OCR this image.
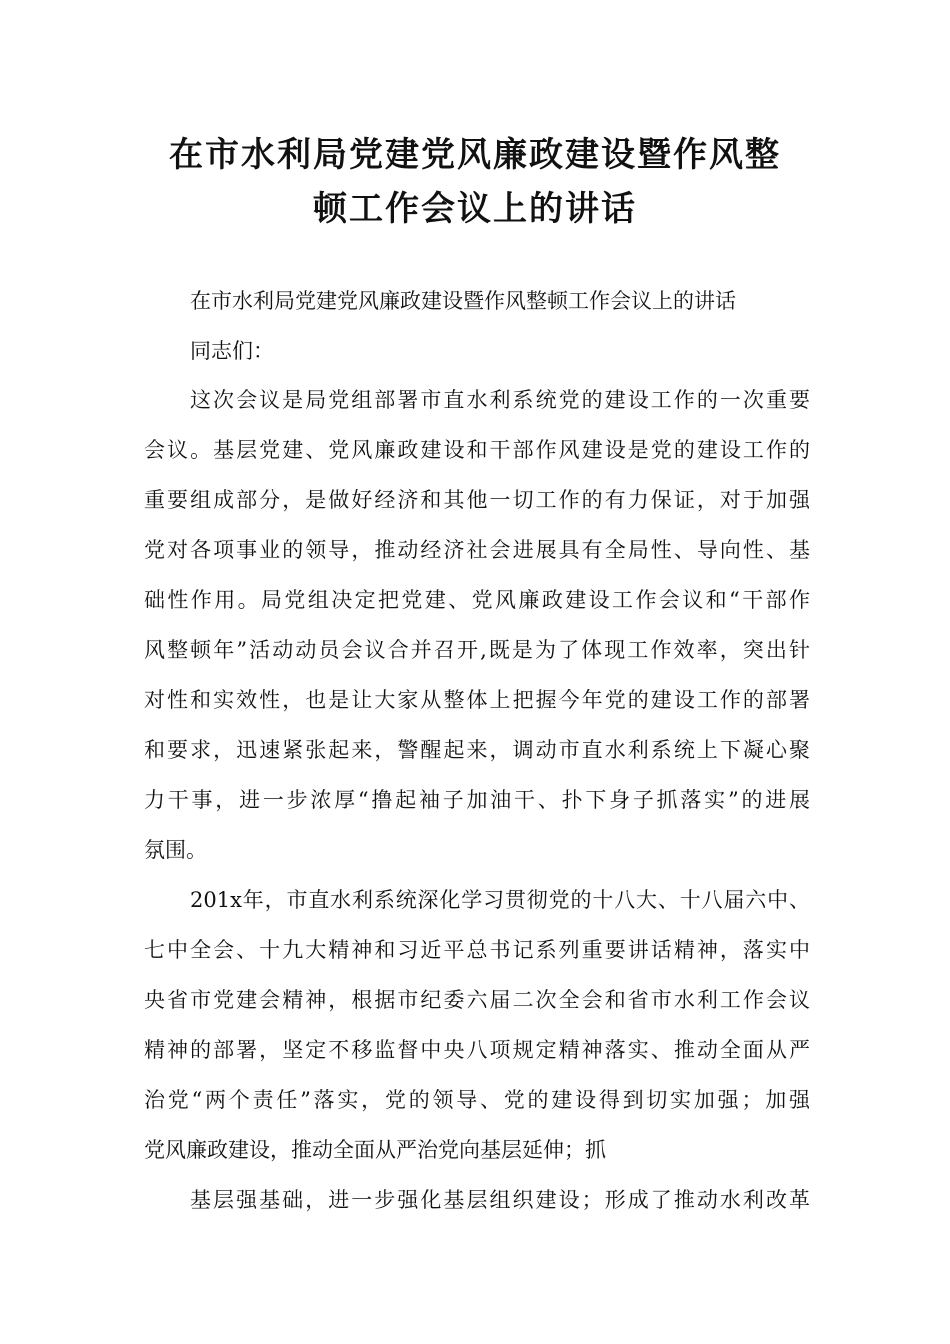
在市水利局党建党风廉政建设暨作风整
顿工作会议上的讲话
在市水利局党建党风廉政建设暨作风整顿工作会议上的讲话
同志们：
这次会议是局党组部署市直水利系统党的建设工作的一次重要
会议。基层党建、党风廉政建设和干部作风建设是党的建设工作的
重要组成部分，是做好经济和其他一切工作的有力保证，对于加强
党对各项事业的领导，推动经济社会进展具有全局性、导向性、基
础性作用。局党组决定把党建、党风廉政建设工作会议和“干部作
风整顿年”活动动员会议合并召开,既是为了体现工作效率，突出针
对性和实效性，也是让大家从整体上把握今年党的建设工作的部署
和要求，迅速紧张起来，警醒起来，调动市直水利系统上下凝心聚
力干事，进一步浓厚“撸起袖子加油干、扑下身子抓落实”的进展
氛围。
201x年，市直水利系统深化学习贯彻党的十八大、十八届六中、
七中全会、十九大精神和习近平总书记系列重要讲话精神，落实中
央省市党建会精神，根据市纪委六届二次全会和省市水利工作会议
精神的部署，坚定不移监督中央八项规定精神落实、推动全面从严
治党“两个责任”落实，党的领导、党的建设得到切实加强；加强
党风廉政建设，推动全面从严治党向基层延伸；抓
基层强基础，进一步强化基层组织建设；形成了推动水利改革
